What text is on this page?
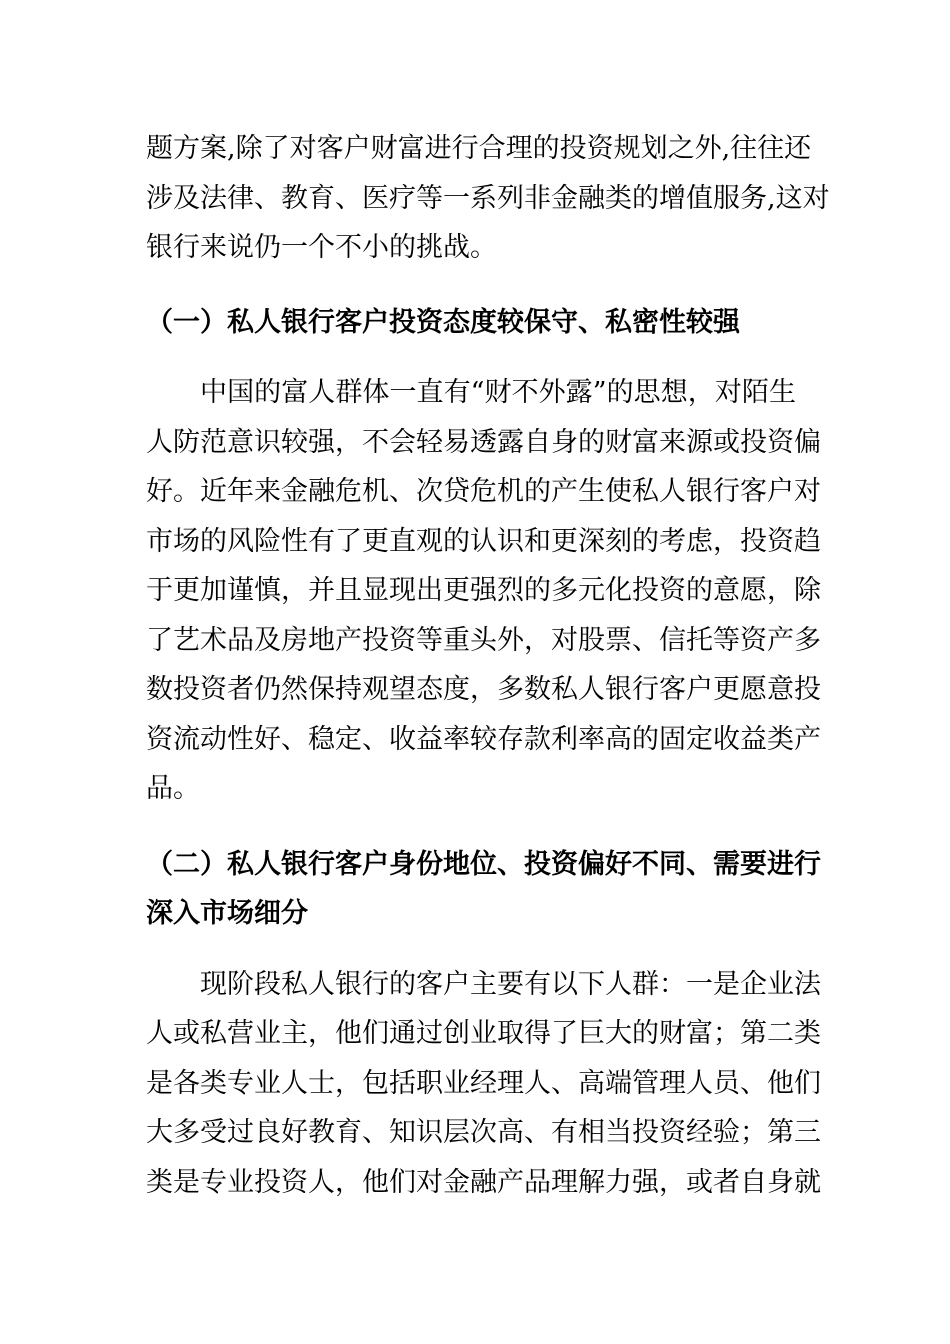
题方案,除了对客户财富进行合理的投资规划之外,往往还
涉及法律、教育、医疗等一系列非金融类的增值服务,这对
银行来说仍一个不小的挑战。
（一）私人银行客户投资态度较保守、私密性较强
中国的富人群体一直有“财不外露”的思想，对陌生
人防范意识较强，不会轻易透露自身的财富来源或投资偏
好。近年来金融危机、次贷危机的产生使私人银行客户对
市场的风险性有了更直观的认识和更深刻的考虑，投资趋
于更加谨慎，并且显现出更强烈的多元化投资的意愿，除
了艺术品及房地产投资等重头外，对股票、信托等资产多
数投资者仍然保持观望态度，多数私人银行客户更愿意投
资流动性好、稳定、收益率较存款利率高的固定收益类产
品。
（二）私人银行客户身份地位、投资偏好不同、需要进行
深入市场细分
现阶段私人银行的客户主要有以下人群：一是企业法
人或私营业主，他们通过创业取得了巨大的财富；第二类
是各类专业人士，包括职业经理人、高端管理人员、他们
大多受过良好教育、知识层次高、有相当投资经验；第三
类是专业投资人，他们对金融产品理解力强，或者自身就
